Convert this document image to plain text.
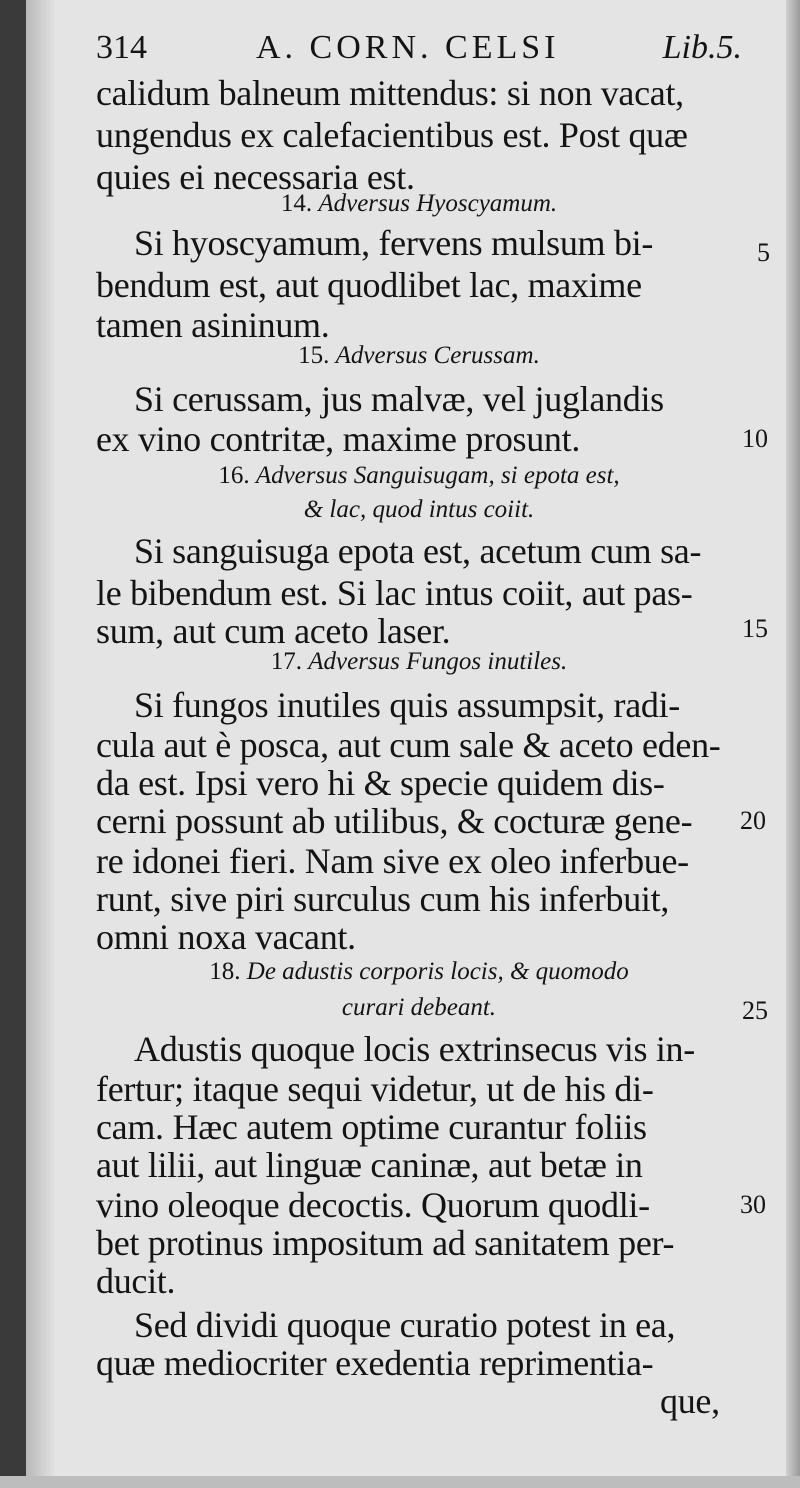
314	A. CORN. CELSI	Lib.5.
calidum balneum mittendus: si non vacat,
ungendus ex calefacientibus est. Post quæ
quies ei necessaria est.
14. Adversus Hyoscyamum.
Si hyoscyamum, fervens mulsum bi-
bendum est, aut quodlibet lac, maxime
tamen asininum.
15. Adversus Cerussam.
Si cerussam, jus malvæ, vel juglandis
ex vino contritæ, maxime prosunt.
16. Adversus Sanguisugam, si epota est,
& lac, quod intus coiit.
Si sanguisuga epota est, acetum cum sa-
le bibendum est. Si lac intus coiit, aut pas-
sum, aut cum aceto laser.
17. Adversus Fungos inutiles.
Si fungos inutiles quis assumpsit, radi-
cula aut è posca, aut cum sale & aceto eden-
da est. Ipsi vero hi & specie quidem dis-
cerni possunt ab utilibus, & cocturæ gene-
re idonei fieri. Nam sive ex oleo inferbue-
runt, sive piri surculus cum his inferbuit,
omni noxa vacant.
18. De adustis corporis locis, & quomodo
curari debeant.
Adustis quoque locis extrinsecus vis in-
fertur; itaque sequi videtur, ut de his di-
cam. Hæc autem optime curantur foliis
aut lilii, aut linguæ caninæ, aut betæ in
vino oleoque decoctis. Quorum quodli-
bet protinus impositum ad sanitatem per-
ducit.
Sed dividi quoque curatio potest in ea,
quæ mediocriter exedentia reprimentia-
que,
5
10
15
20
25
30
